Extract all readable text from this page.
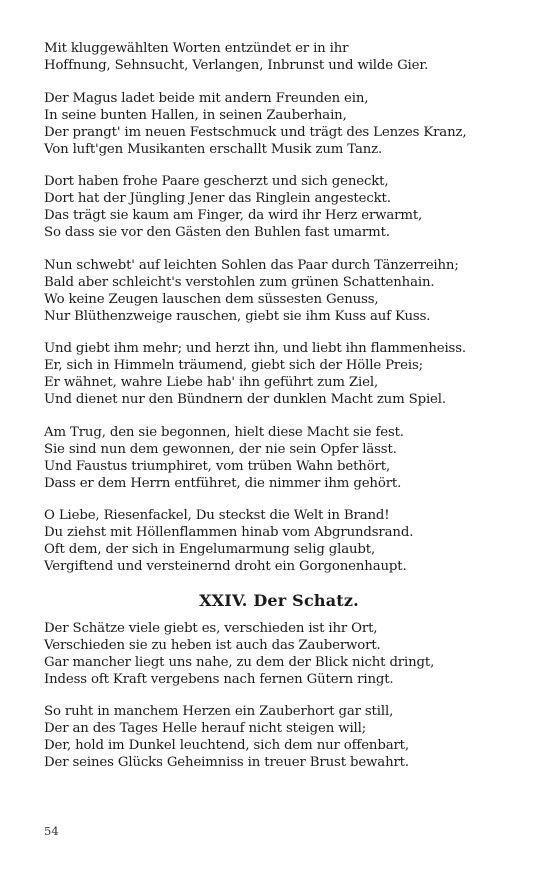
Mit kluggewählten Worten entzündet er in ihr
Hoffnung, Sehnsucht, Verlangen, Inbrunst und wilde Gier.
Der Magus ladet beide mit andern Freunden ein,
In seine bunten Hallen, in seinen Zauberhain,
Der prangt' im neuen Festschmuck und trägt des Lenzes Kranz,
Von luft'gen Musikanten erschallt Musik zum Tanz.
Dort haben frohe Paare gescherzt und sich geneckt,
Dort hat der Jüngling Jener das Ringlein angesteckt.
Das trägt sie kaum am Finger, da wird ihr Herz erwarmt,
So dass sie vor den Gästen den Buhlen fast umarmt.
Nun schwebt' auf leichten Sohlen das Paar durch Tänzerreihn;
Bald aber schleicht's verstohlen zum grünen Schattenhain.
Wo keine Zeugen lauschen dem süssesten Genuss,
Nur Blüthenzweige rauschen, giebt sie ihm Kuss auf Kuss.
Und giebt ihm mehr; und herzt ihn, und liebt ihn flammenheiss.
Er, sich in Himmeln träumend, giebt sich der Hölle Preis;
Er wähnet, wahre Liebe hab' ihn geführt zum Ziel,
Und dienet nur den Bündnern der dunklen Macht zum Spiel.
Am Trug, den sie begonnen, hielt diese Macht sie fest.
Sie sind nun dem gewonnen, der nie sein Opfer lässt.
Und Faustus triumphiret, vom trüben Wahn bethört,
Dass er dem Herrn entführet, die nimmer ihm gehört.
O Liebe, Riesenfackel, Du steckst die Welt in Brand!
Du ziehst mit Höllenflammen hinab vom Abgrundsrand.
Oft dem, der sich in Engelumarmung selig glaubt,
Vergiftend und versteinernd droht ein Gorgonenhaupt.
XXIV. Der Schatz.
Der Schätze viele giebt es, verschieden ist ihr Ort,
Verschieden sie zu heben ist auch das Zauberwort.
Gar mancher liegt uns nahe, zu dem der Blick nicht dringt,
Indess oft Kraft vergebens nach fernen Gütern ringt.
So ruht in manchem Herzen ein Zauberhort gar still,
Der an des Tages Helle herauf nicht steigen will;
Der, hold im Dunkel leuchtend, sich dem nur offenbart,
Der seines Glücks Geheimniss in treuer Brust bewahrt.
54
